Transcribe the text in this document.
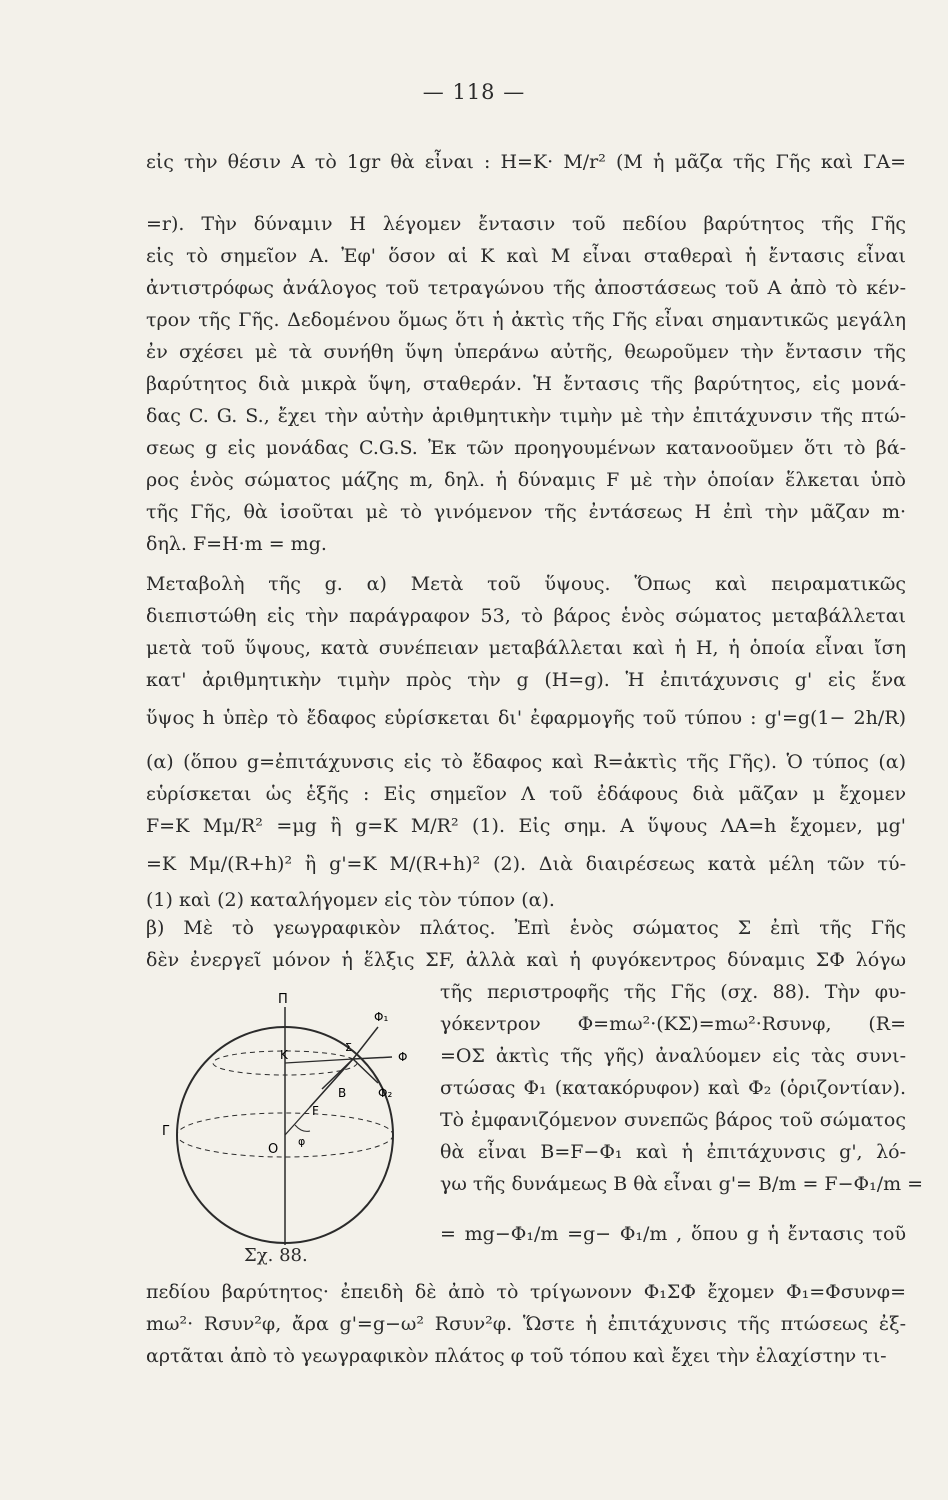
— 118 —
εἰς τὴν θέσιν Α τὸ 1gr θὰ εἶναι : Η=Κ· M/r² (Μ ἡ μᾶζα τῆς Γῆς καὶ ΓΑ=
=r). Τὴν δύναμιν Η λέγομεν ἔντασιν τοῦ πεδίου βαρύτητος τῆς Γῆς
εἰς τὸ σημεῖον Α. Ἐφ' ὅσον αἱ Κ καὶ Μ εἶναι σταθεραὶ ἡ ἔντασις εἶναι
ἀντιστρόφως ἀνάλογος τοῦ τετραγώνου τῆς ἀποστάσεως τοῦ Α ἀπὸ τὸ κέν-
τρον τῆς Γῆς. Δεδομένου ὅμως ὅτι ἡ ἀκτὶς τῆς Γῆς εἶναι σημαντικῶς μεγάλη
ἐν σχέσει μὲ τὰ συνήθη ὕψη ὑπεράνω αὐτῆς, θεωροῦμεν τὴν ἔντασιν τῆς
βαρύτητος διὰ μικρὰ ὕψη, σταθεράν. Ἡ ἔντασις τῆς βαρύτητος, εἰς μονά-
δας C. G. S., ἔχει τὴν αὐτὴν ἀριθμητικὴν τιμὴν μὲ τὴν ἐπιτάχυνσιν τῆς πτώ-
σεως g εἰς μονάδας C.G.S. Ἐκ τῶν προηγουμένων κατανοοῦμεν ὅτι τὸ βά-
ρος ἑνὸς σώματος μάζης m, δηλ. ἡ δύναμις F μὲ τὴν ὁποίαν ἕλκεται ὑπὸ
τῆς Γῆς, θὰ ἰσοῦται μὲ τὸ γινόμενον τῆς ἐντάσεως Η ἐπὶ τὴν μᾶζαν m·
δηλ. F=H·m = mg.
Μεταβολὴ τῆς g. α) Μετὰ τοῦ ὕψους. Ὅπως καὶ πειραματικῶς
διεπιστώθη εἰς τὴν παράγραφον 53, τὸ βάρος ἑνὸς σώματος μεταβάλλεται
μετὰ τοῦ ὕψους, κατὰ συνέπειαν μεταβάλλεται καὶ ἡ Η, ἡ ὁποία εἶναι ἴση
κατ' ἀριθμητικὴν τιμὴν πρὸς τὴν g (H=g). Ἡ ἐπιτάχυνσις g' εἰς ἕνα
ὕψος h ὑπὲρ τὸ ἔδαφος εὑρίσκεται δι' ἐφαρμογῆς τοῦ τύπου : g'=g(1− 2h/R)
(α) (ὅπου g=ἐπιτάχυνσις εἰς τὸ ἔδαφος καὶ R=ἀκτὶς τῆς Γῆς). Ὁ τύπος (α)
εὑρίσκεται ὡς ἑξῆς : Εἰς σημεῖον Λ τοῦ ἐδάφους διὰ μᾶζαν μ ἔχομεν
F=K Mμ/R² =μg ἢ g=K M/R² (1). Εἰς σημ. Α ὕψους ΛΑ=h ἔχομεν, μg'
=K Mμ/(R+h)² ἢ g'=K M/(R+h)² (2). Διὰ διαιρέσεως κατὰ μέλη τῶν τύ-
(1) καὶ (2) καταλήγομεν εἰς τὸν τύπον (α).
β) Μὲ τὸ γεωγραφικὸν πλάτος. Ἐπὶ ἑνὸς σώματος Σ ἐπὶ τῆς Γῆς
δὲν ἐνεργεῖ μόνον ἡ ἕλξις ΣF, ἀλλὰ καὶ ἡ φυγόκεντρος δύναμις ΣΦ λόγω
τῆς περιστροφῆς τῆς Γῆς (σχ. 88). Τὴν φυ-
γόκεντρον Φ=mω²·(ΚΣ)=mω²·Rσυνφ, (R=
=ΟΣ ἀκτὶς τῆς γῆς) ἀναλύομεν εἰς τὰς συνι-
στώσας Φ₁ (κατακόρυφον) καὶ Φ₂ (ὁριζοντίαν).
Τὸ ἐμφανιζόμενον συνεπῶς βάρος τοῦ σώματος
θὰ εἶναι Β=F−Φ₁ καὶ ἡ ἐπιτάχυνσις g', λό-
γω τῆς δυνάμεως Β θὰ εἶναι g'= B/m = F−Φ₁/m =
= mg−Φ₁/m =g− Φ₁/m , ὅπου g ἡ ἔντασις τοῦ
πεδίου βαρύτητος· ἐπειδὴ δὲ ἀπὸ τὸ τρίγωνονν Φ₁ΣΦ ἔχομεν Φ₁=Φσυνφ=
mω²· Rσυν²φ, ἄρα g'=g−ω² Rσυν²φ. Ὥστε ἡ ἐπιτάχυνσις τῆς πτώσεως ἐξ-
αρτᾶται ἀπὸ τὸ γεωγραφικὸν πλάτος φ τοῦ τόπου καὶ ἔχει τὴν ἐλαχίστην τι-
Π
Γ
O
Κ
Σ
Φ
Φ₁
Φ₂
B
F
φ
Σχ. 88.
